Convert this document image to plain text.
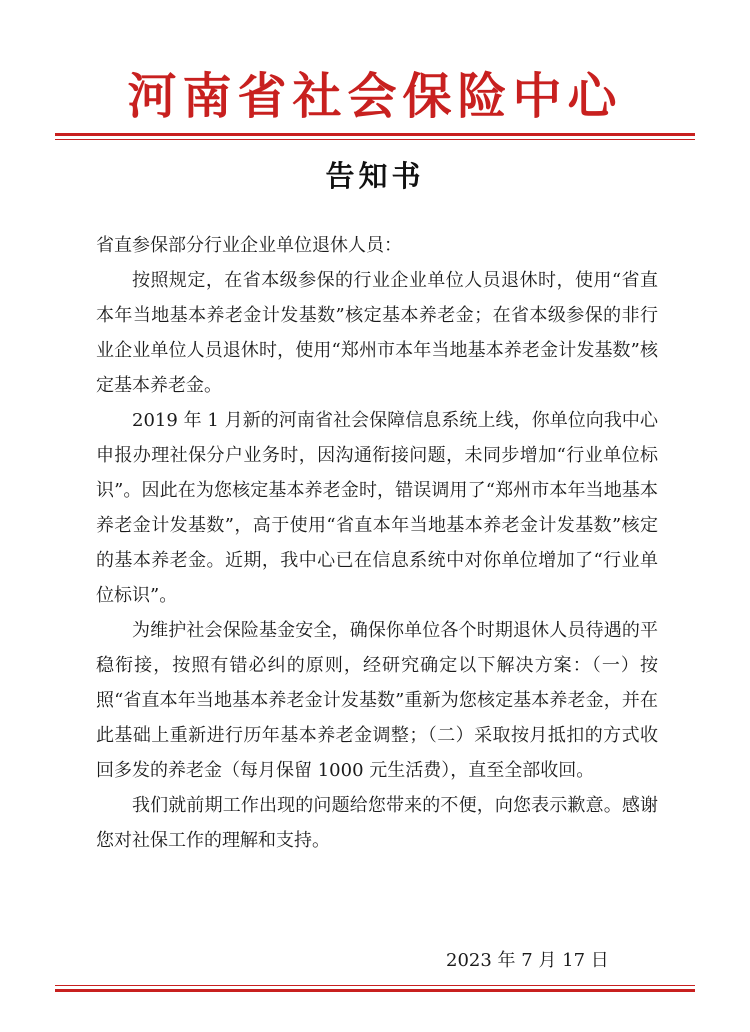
河南省社会保险中心
告知书

省直参保部分行业企业单位退休人员：

按照规定，在省本级参保的行业企业单位人员退休时，使用“省直本年当地基本养老金计发基数”核定基本养老金；在省本级参保的非行业企业单位人员退休时，使用“郑州市本年当地基本养老金计发基数”核定基本养老金。

2019 年 1 月新的河南省社会保障信息系统上线，你单位向我中心申报办理社保分户业务时，因沟通衔接问题，未同步增加“行业单位标识”。因此在为您核定基本养老金时，错误调用了“郑州市本年当地基本养老金计发基数”，高于使用“省直本年当地基本养老金计发基数”核定的基本养老金。近期，我中心已在信息系统中对你单位增加了“行业单位标识”。

为维护社会保险基金安全，确保你单位各个时期退休人员待遇的平稳衔接，按照有错必纠的原则，经研究确定以下解决方案：（一）按照“省直本年当地基本养老金计发基数”重新为您核定基本养老金，并在此基础上重新进行历年基本养老金调整；（二）采取按月抵扣的方式收回多发的养老金（每月保留 1000 元生活费），直至全部收回。

我们就前期工作出现的问题给您带来的不便，向您表示歉意。感谢您对社保工作的理解和支持。

2023 年 7 月 17 日
